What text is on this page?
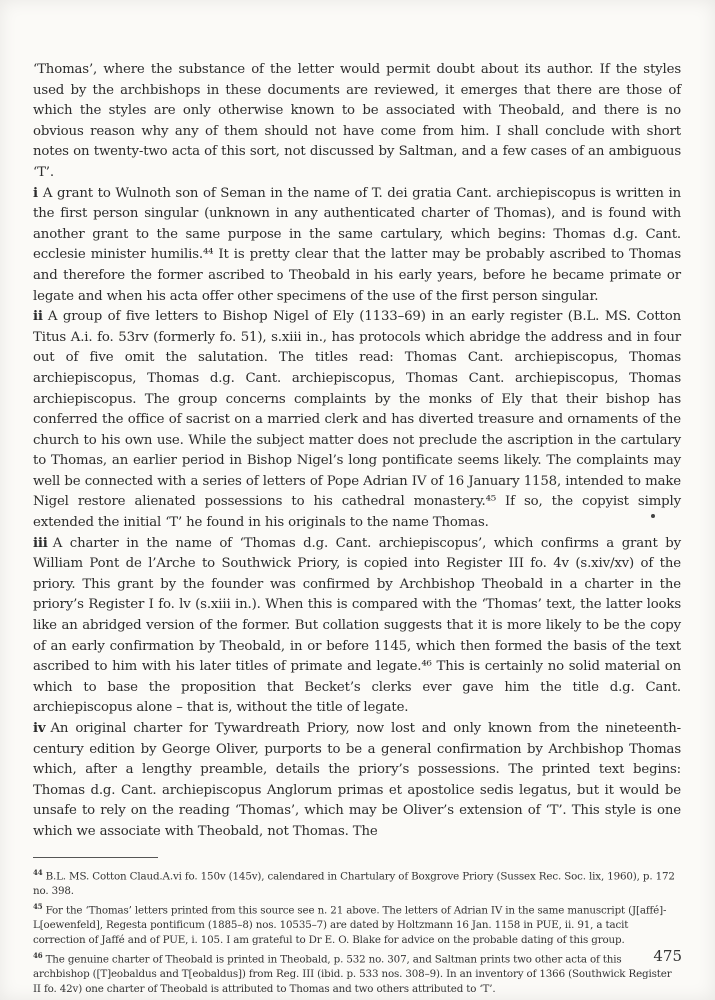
‘Thomas’, where the substance of the letter would permit doubt about its author. If the styles used by the archbishops in these documents are reviewed, it emerges that there are those of which the styles are only otherwise known to be associated with Theobald, and there is no obvious reason why any of them should not have come from him. I shall conclude with short notes on twenty-two acta of this sort, not discussed by Saltman, and a few cases of an ambiguous ‘T’.

i A grant to Wulnoth son of Seman in the name of T. dei gratia Cant. archiepiscopus is written in the first person singular (unknown in any authenticated charter of Thomas), and is found with another grant to the same purpose in the same cartulary, which begins: Thomas d.g. Cant. ecclesie minister humilis.⁴⁴ It is pretty clear that the latter may be probably ascribed to Thomas and therefore the former ascribed to Theobald in his early years, before he became primate or legate and when his acta offer other specimens of the use of the first person singular.

ii A group of five letters to Bishop Nigel of Ely (1133–69) in an early register (B.L. MS. Cotton Titus A.i. fo. 53rv (formerly fo. 51), s.xiii in., has protocols which abridge the address and in four out of five omit the salutation. The titles read: Thomas Cant. archiepiscopus, Thomas archiepiscopus, Thomas d.g. Cant. archiepiscopus, Thomas Cant. archiepiscopus, Thomas archiepiscopus. The group concerns complaints by the monks of Ely that their bishop has conferred the office of sacrist on a married clerk and has diverted treasure and ornaments of the church to his own use. While the subject matter does not preclude the ascription in the cartulary to Thomas, an earlier period in Bishop Nigel’s long pontificate seems likely. The complaints may well be connected with a series of letters of Pope Adrian IV of 16 January 1158, intended to make Nigel restore alienated possessions to his cathedral monastery.⁴⁵ If so, the copyist simply extended the initial ‘T’ he found in his originals to the name Thomas.

iii A charter in the name of ‘Thomas d.g. Cant. archiepiscopus’, which confirms a grant by William Pont de l’Arche to Southwick Priory, is copied into Register III fo. 4v (s.xiv/xv) of the priory. This grant by the founder was confirmed by Archbishop Theobald in a charter in the priory’s Register I fo. lv (s.xiii in.). When this is compared with the ‘Thomas’ text, the latter looks like an abridged version of the former. But collation suggests that it is more likely to be the copy of an early confirmation by Theobald, in or before 1145, which then formed the basis of the text ascribed to him with his later titles of primate and legate.⁴⁶ This is certainly no solid material on which to base the proposition that Becket’s clerks ever gave him the title d.g. Cant. archiepiscopus alone – that is, without the title of legate.

iv An original charter for Tywardreath Priory, now lost and only known from the nineteenth-century edition by George Oliver, purports to be a general confirmation by Archbishop Thomas which, after a lengthy preamble, details the priory’s possessions. The printed text begins: Thomas d.g. Cant. archiepiscopus Anglorum primas et apostolice sedis legatus, but it would be unsafe to rely on the reading ‘Thomas’, which may be Oliver’s extension of ‘T’. This style is one which we associate with Theobald, not Thomas. The

$^{44}$ B.L. MS. Cotton Claud.A.vi fo. 150v (145v), calendared in Chartulary of Boxgrove Priory (Sussex Rec. Soc. lix, 1960), p. 172 no. 398.

$^{45}$ For the ‘Thomas’ letters printed from this source see n. 21 above. The letters of Adrian IV in the same manuscript (J[affé]-L[oewenfeld], Regesta pontificum (1885–8) nos. 10535–7) are dated by Holtzmann 16 Jan. 1158 in PUE, ii. 91, a tacit correction of Jaffé and of PUE, i. 105. I am grateful to Dr E. O. Blake for advice on the probable dating of this group.

$^{46}$ The genuine charter of Theobald is printed in Theobald, p. 532 no. 307, and Saltman prints two other acta of this archbishop ([T]eobaldus and T[eobaldus]) from Reg. III (ibid. p. 533 nos. 308–9). In an inventory of 1366 (Southwick Register II fo. 42v) one charter of Theobald is attributed to Thomas and two others attributed to ‘T’.

475
